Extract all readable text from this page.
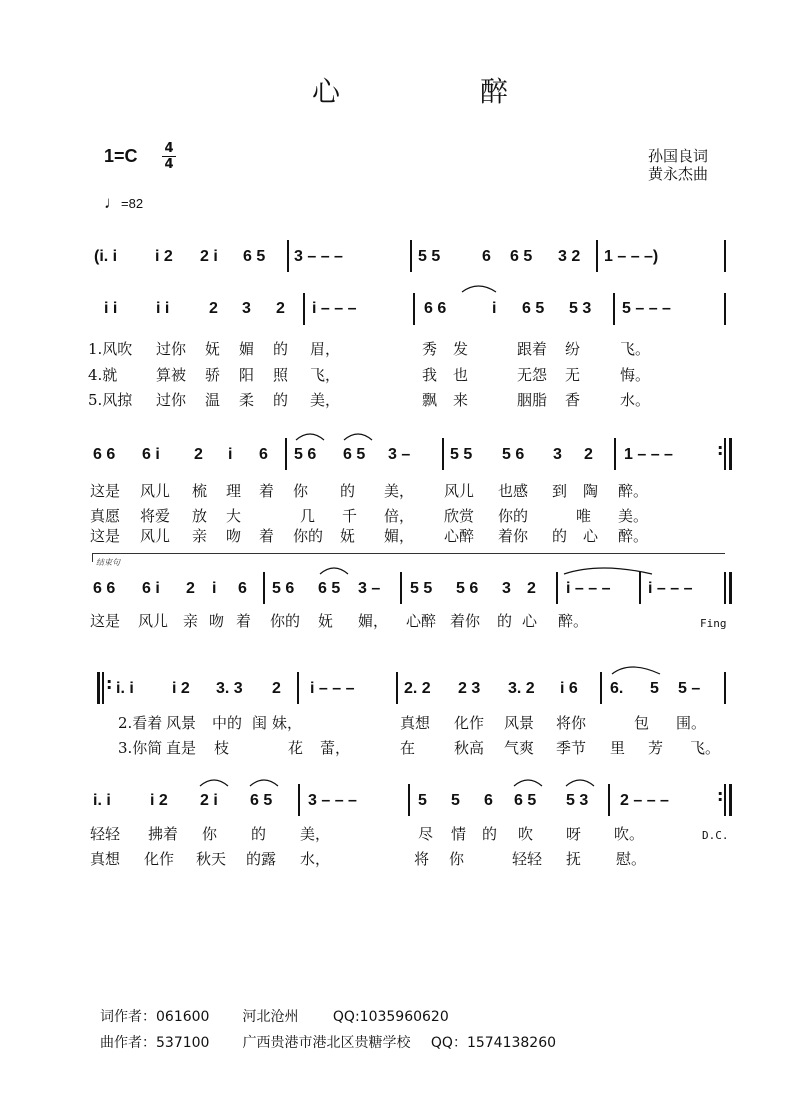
心	醉
1=C 4
4	孙国良词
黄永杰曲
♩=82
(i. i i 2 2 i 6 5 3 – – –	5 5	6 6 5 3 2 1 – – –)
i i i i 2 3 2 i – – –	6 6	i 6 5 5 3 5 – – –
1.风吹 过你 妩 媚 的 眉，	秀 发	跟着 纷	飞。
4.就	算被 骄 阳 照 飞，	我 也	无怨 无	悔。
5.风掠 过你 温 柔 的 美，	飘 来	胭脂 香	水。
6 6 6 i 2 i 6 5 6 6 5 3 – 5 5 5 6 3 2 1 – – –	:
这是 风儿 梳 理 着 你 的 美， 风儿 也感 到 陶 醉。
真愿 将爱 放 大	几 千 倍， 欣赏 你的	唯 美。
这是 风儿 亲 吻 着 你的 妩 媚， 心醉 着你 的 心 醉。
结束句
6 6 6 i 2 i 6 5 6 6 5 3 – 5 5 5 6 3 2 i – – – i – – –
这是 风儿 亲 吻 着 你的 妩 媚， 心醉 着你 的 心 醉。	Fing
: i. i i 2 3. 3 2 i – – –	2. 2 2 3 3. 2 i 6 6. 5 5 –
2.看着 风景 中的 闺 妹，	真想 化作 风景 将你	包 围。
3.你简 直是 枝	花 蕾，	在	秋高 气爽 季节 里 芳 飞。
i. i i 2 2 i 6 5 3 – – –	5 5 6 6 5 5 3 2 – – –	:
轻轻 拂着 你 的 美，	尽 情 的 吹 呀 吹。	D.C.
真想 化作 秋天 的露 水，	将 你	轻轻 抚 慰。
词作者：061600 河北沧州 QQ:1035960620
曲作者：537100 广西贵港市港北区贵糖学校 QQ：1574138260
